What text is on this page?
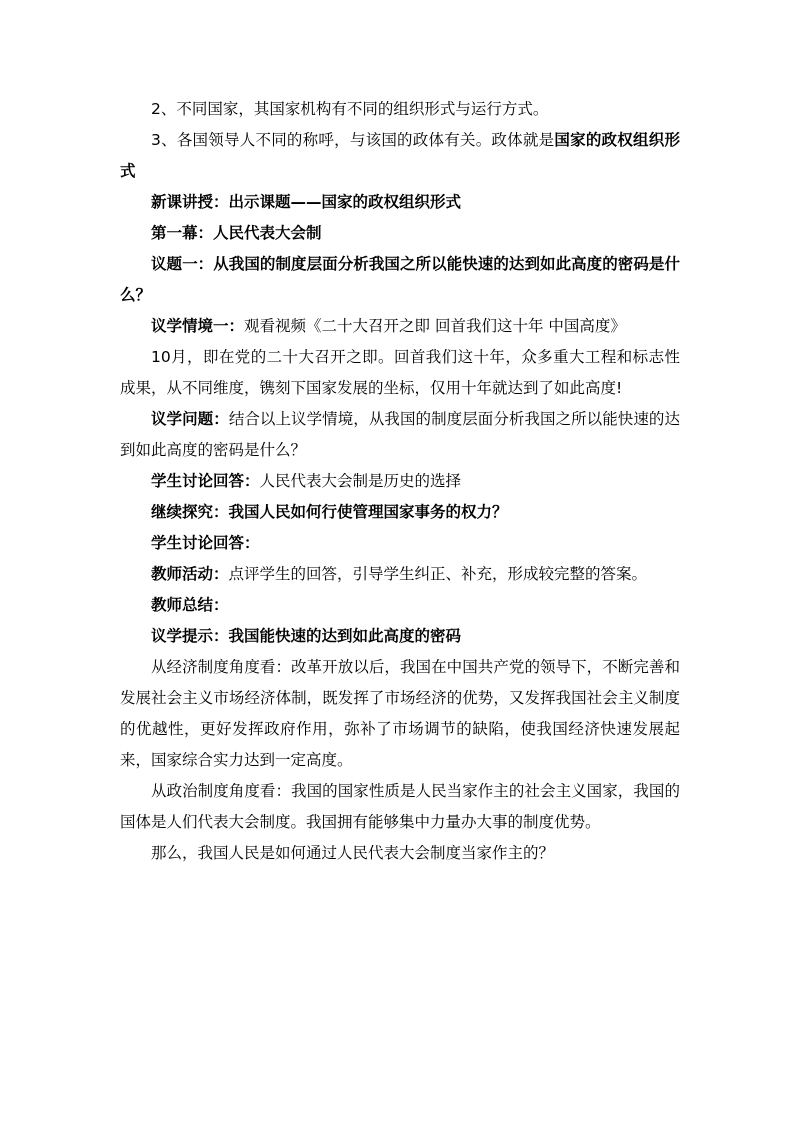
2、不同国家，其国家机构有不同的组织形式与运行方式。

3、各国领导人不同的称呼，与该国的政体有关。政体就是国家的政权组织形式

新课讲授：出示课题——国家的政权组织形式

第一幕：人民代表大会制

议题一：从我国的制度层面分析我国之所以能快速的达到如此高度的密码是什么？

议学情境一：观看视频《二十大召开之即 回首我们这十年 中国高度》

10月，即在党的二十大召开之即。回首我们这十年，众多重大工程和标志性成果，从不同维度，镌刻下国家发展的坐标，仅用十年就达到了如此高度!

议学问题：结合以上议学情境，从我国的制度层面分析我国之所以能快速的达到如此高度的密码是什么？

学生讨论回答：人民代表大会制是历史的选择

继续探究：我国人民如何行使管理国家事务的权力？

学生讨论回答：

教师活动：点评学生的回答，引导学生纠正、补充，形成较完整的答案。

教师总结：

议学提示：我国能快速的达到如此高度的密码

从经济制度角度看：改革开放以后，我国在中国共产党的领导下，不断完善和发展社会主义市场经济体制，既发挥了市场经济的优势，又发挥我国社会主义制度的优越性，更好发挥政府作用，弥补了市场调节的缺陷，使我国经济快速发展起来，国家综合实力达到一定高度。

从政治制度角度看：我国的国家性质是人民当家作主的社会主义国家，我国的国体是人们代表大会制度。我国拥有能够集中力量办大事的制度优势。

那么，我国人民是如何通过人民代表大会制度当家作主的？
